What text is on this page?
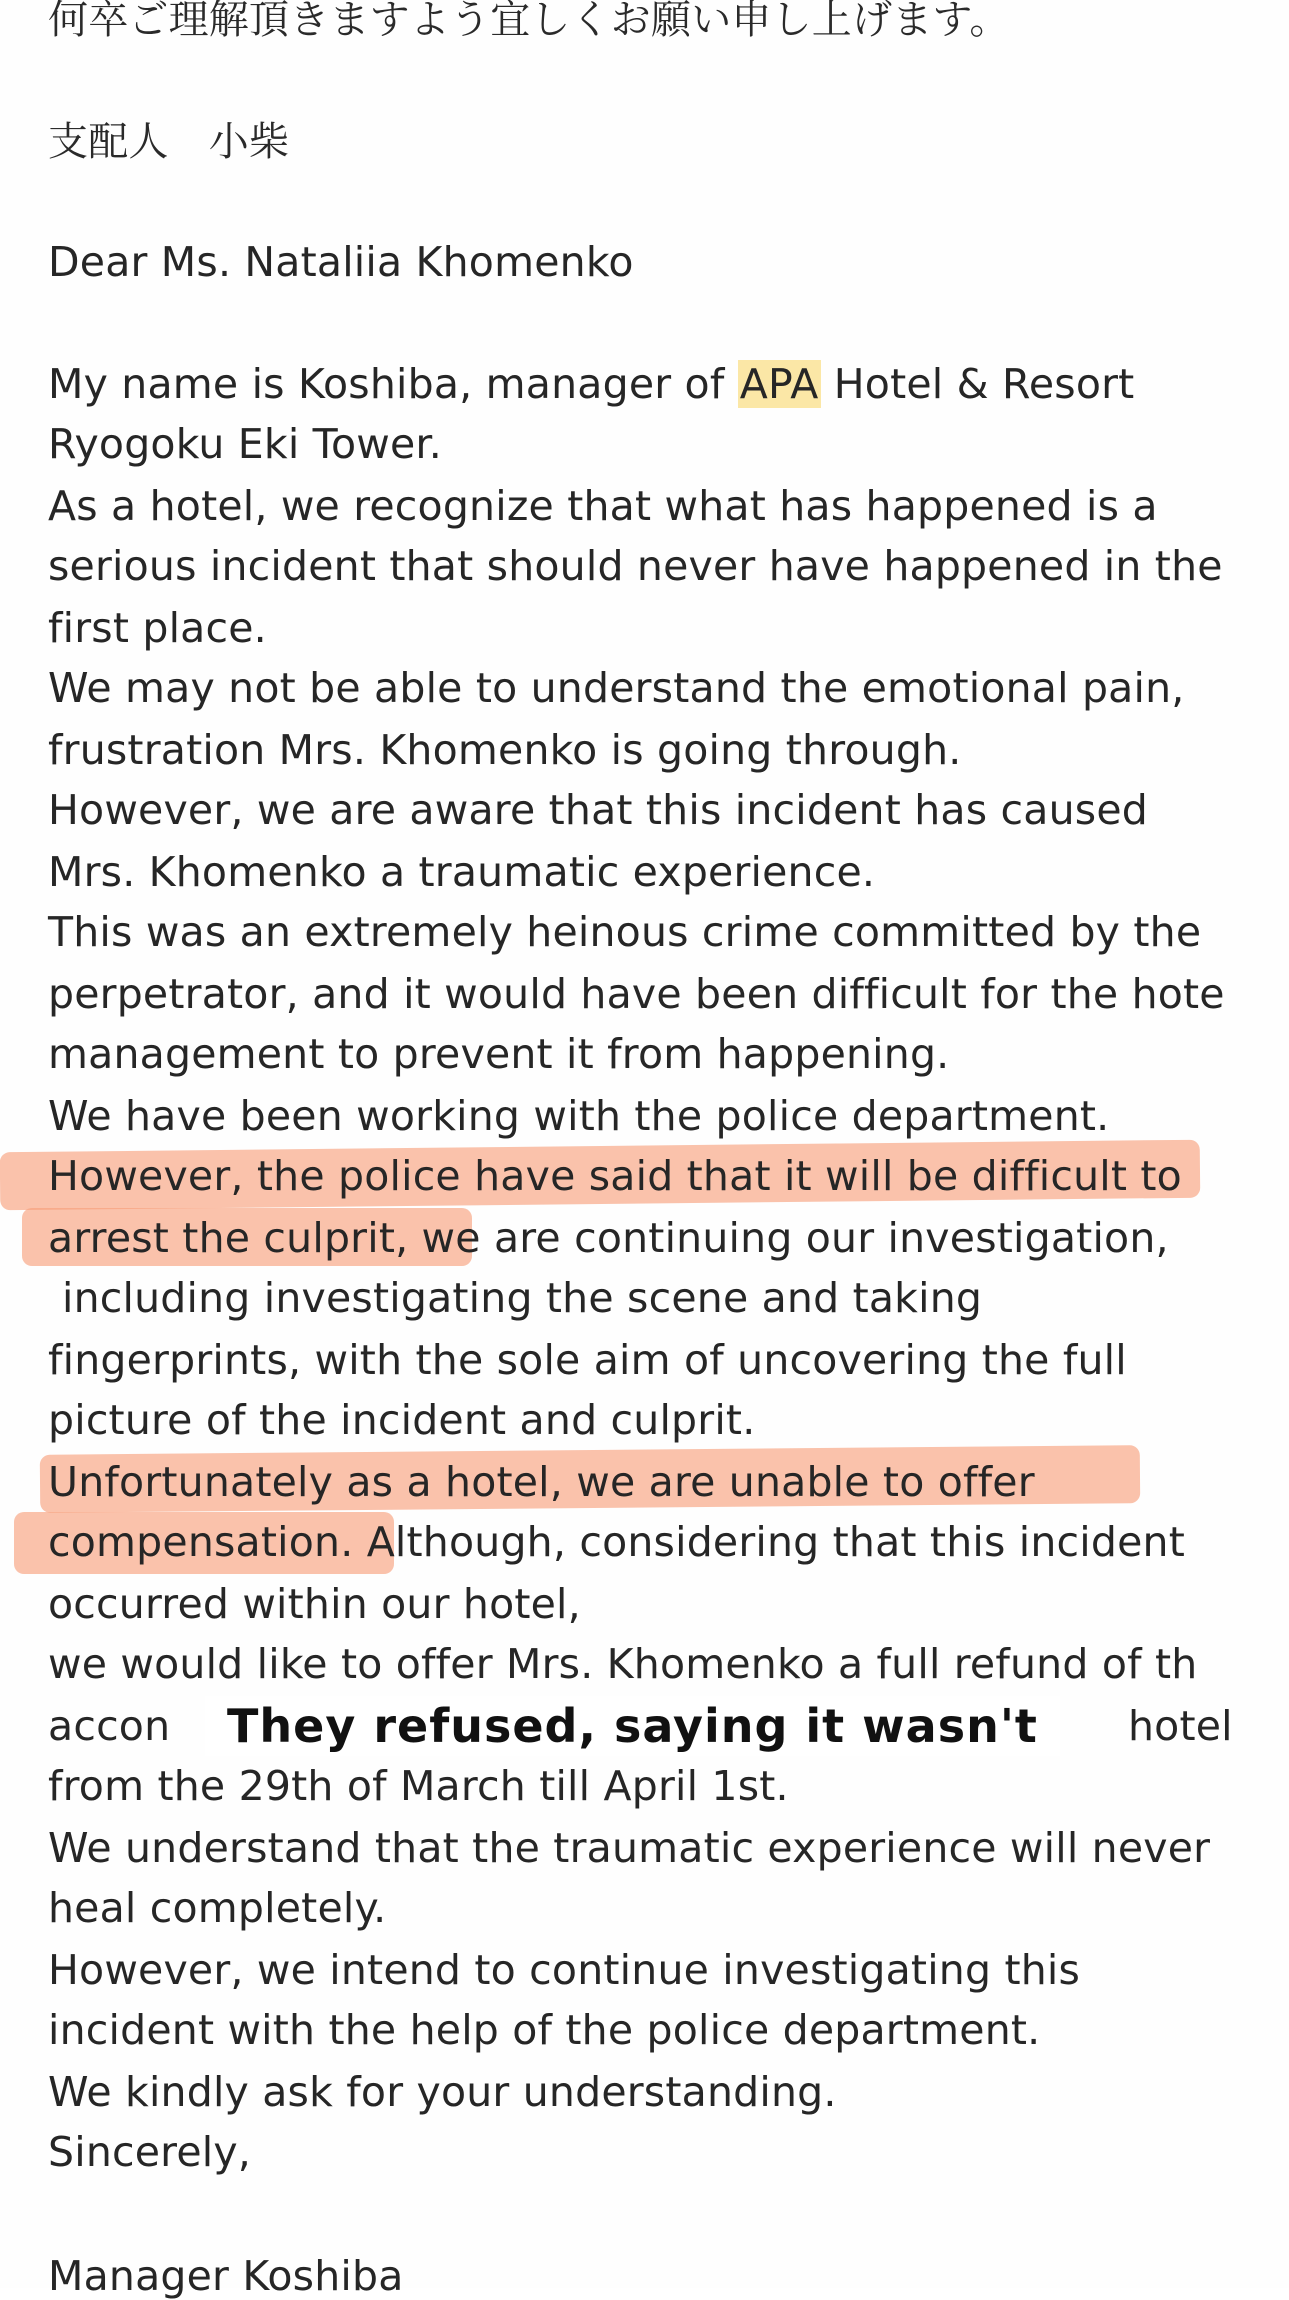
何卒ご理解頂きますよう宜しくお願い申し上げます。
支配人　小柴
Dear Ms. Nataliia Khomenko
My name is Koshiba, manager of APA Hotel & Resort
Ryogoku Eki Tower.
As a hotel, we recognize that what has happened is a
serious incident that should never have happened in the
first place.
We may not be able to understand the emotional pain,
frustration Mrs. Khomenko is going through.
However, we are aware that this incident has caused
Mrs. Khomenko a traumatic experience.
This was an extremely heinous crime committed by the
perpetrator, and it would have been difficult for the hote
management to prevent it from happening.
We have been working with the police department.
However, the police have said that it will be difficult to
arrest the culprit, we are continuing our investigation,
including investigating the scene and taking
fingerprints, with the sole aim of uncovering the full
picture of the incident and culprit.
Unfortunately as a hotel, we are unable to offer
compensation. Although, considering that this incident
occurred within our hotel,
we would like to offer Mrs. Khomenko a full refund of th
accon	hotel
from the 29th of March till April 1st.
We understand that the traumatic experience will never
heal completely.
However, we intend to continue investigating this
incident with the help of the police department.
We kindly ask for your understanding.
Sincerely,
Manager Koshiba
They refused, saying it wasn't
